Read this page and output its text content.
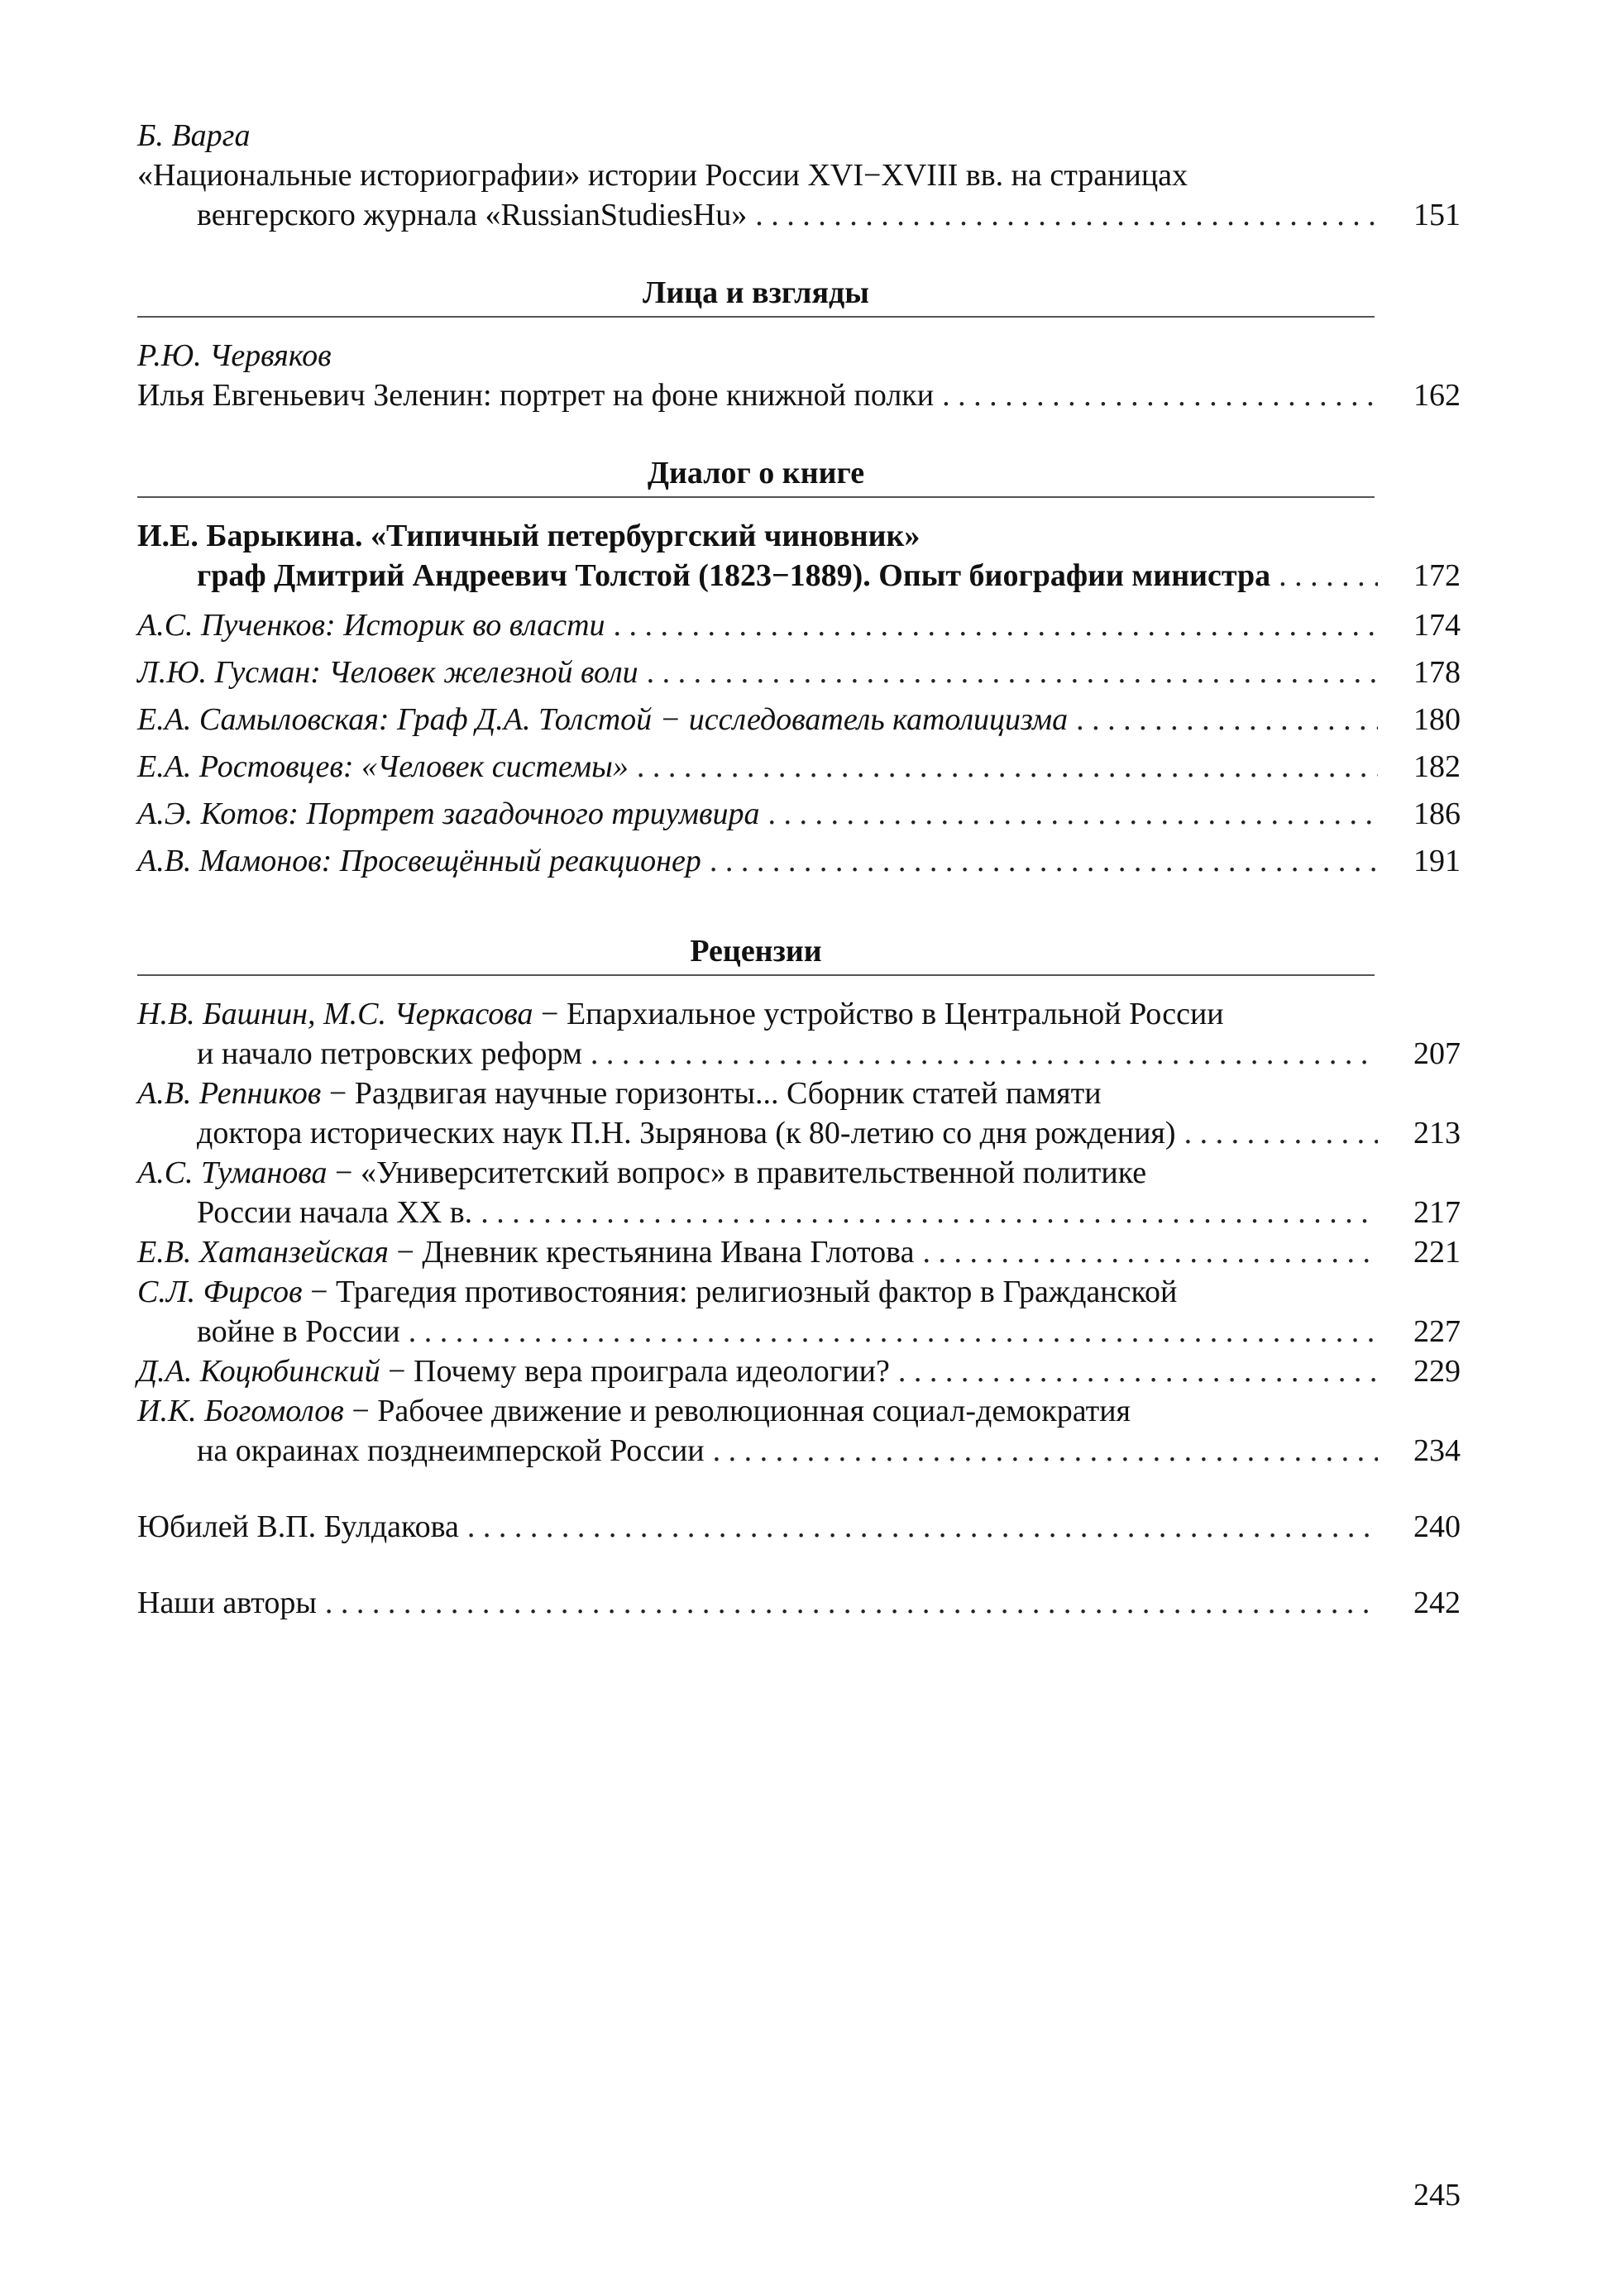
Б. Варга
«Национальные историографии» истории России XVI−XVIII вв. на страницах
венгерского журнала «RussianStudiesHu» . . .	151
Лица и взгляды
Р.Ю. Червяков
Илья Евгеньевич Зеленин: портрет на фоне книжной полки . . .	162
Диалог о книге
И.Е. Барыкина. «Типичный петербургский чиновник»
граф Дмитрий Андреевич Толстой (1823−1889). Опыт биографии министра . . .	172
А.С. Пученков: Историк во власти . . .	174
Л.Ю. Гусман: Человек железной воли . . .	178
Е.А. Самыловская: Граф Д.А. Толстой − исследователь католицизма . . .	180
Е.А. Ростовцев: «Человек системы» . . .	182
А.Э. Котов: Портрет загадочного триумвира . . .	186
А.В. Мамонов: Просвещённый реакционер . . .	191
Рецензии
Н.В. Башнин, М.С. Черкасова − Епархиальное устройство в Центральной России
и начало петровских реформ . . .	207
А.В. Репников − Раздвигая научные горизонты... Сборник статей памяти
доктора исторических наук П.Н. Зырянова (к 80-летию со дня рождения) . . .	213
А.С. Туманова − «Университетский вопрос» в правительственной политике
России начала XX в. . . .	217
Е.В. Хатанзейская − Дневник крестьянина Ивана Глотова . . .	221
С.Л. Фирсов − Трагедия противостояния: религиозный фактор в Гражданской
войне в России . . .	227
Д.А. Коцюбинский − Почему вера проиграла идеологии? . . .	229
И.К. Богомолов − Рабочее движение и революционная социал-демократия
на окраинах позднеимперской России . . .	234
Юбилей В.П. Булдакова . . .	240
Наши авторы . . .	242
245
